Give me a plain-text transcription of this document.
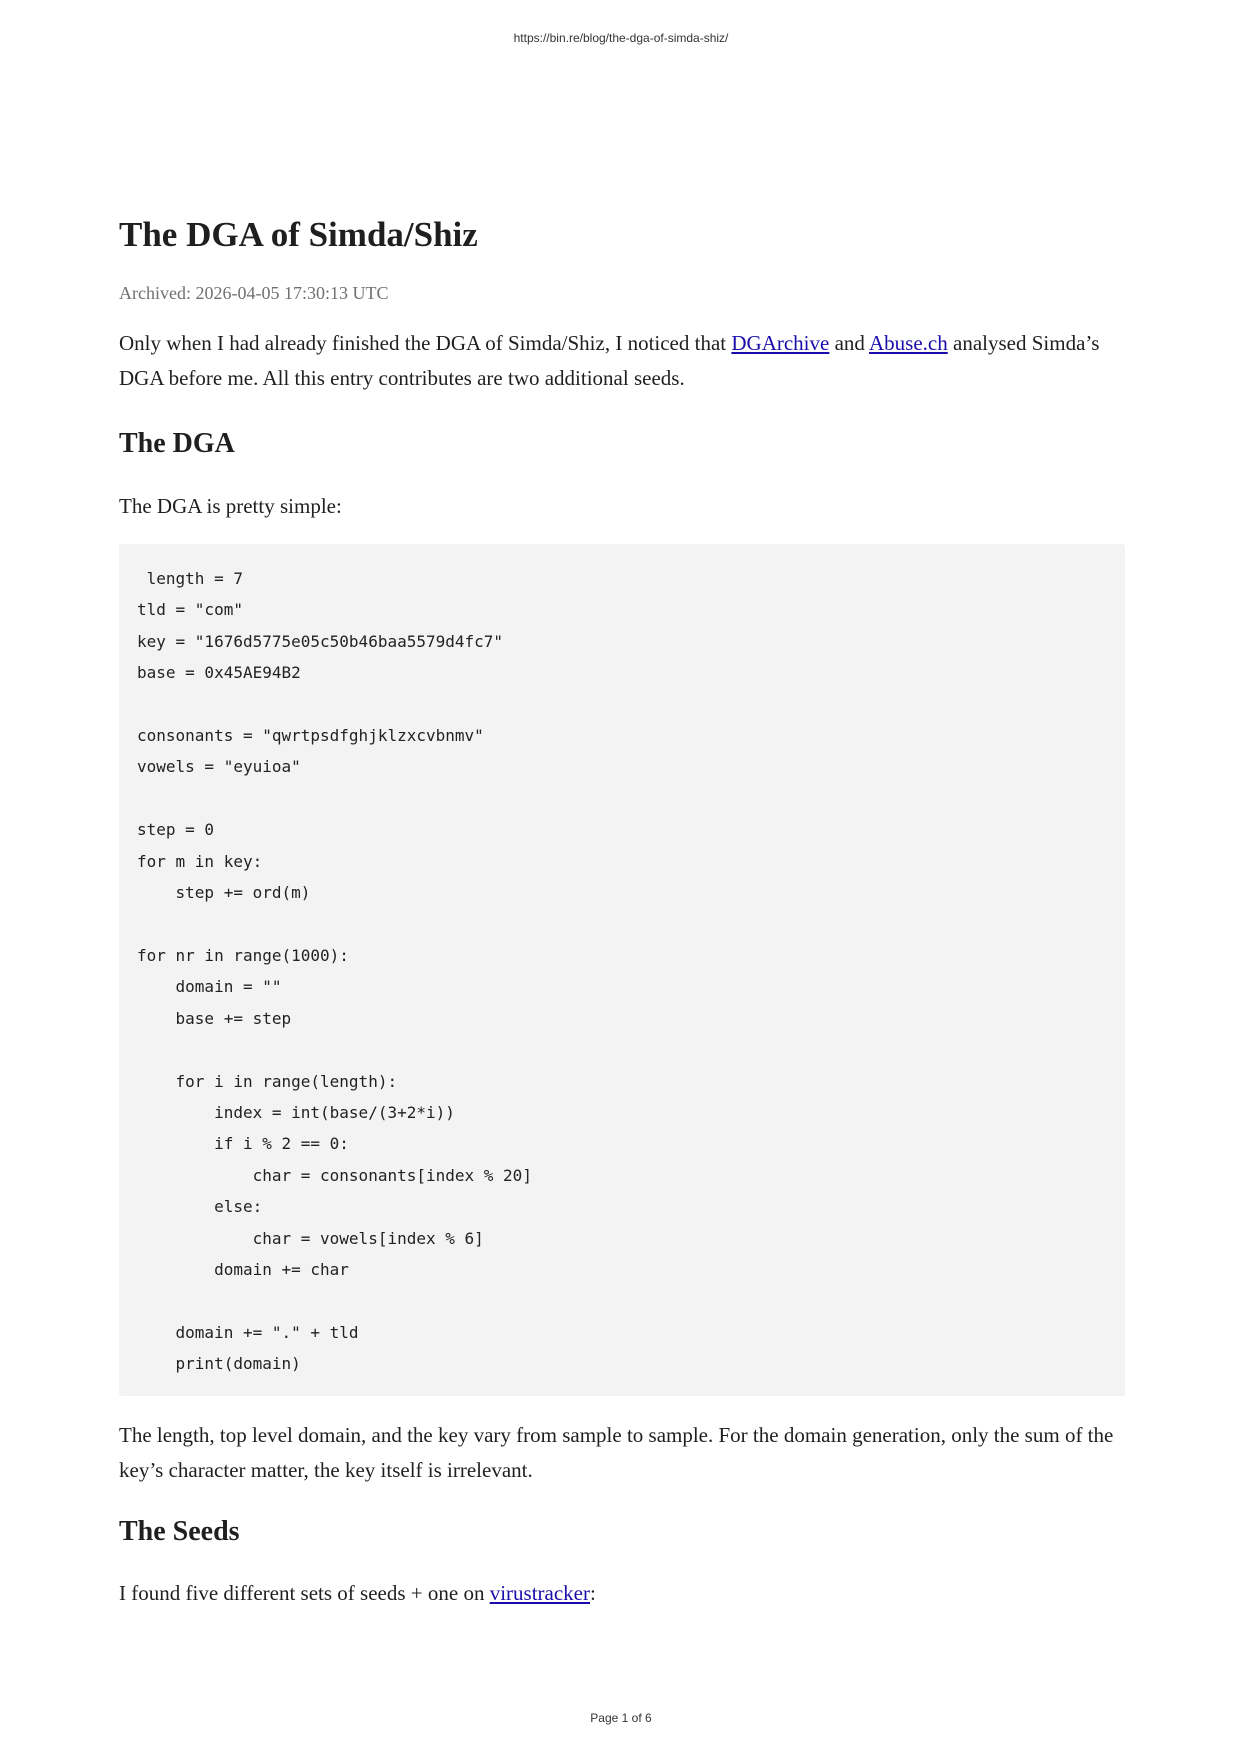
https://bin.re/blog/the-dga-of-simda-shiz/
The DGA of Simda/Shiz
Archived: 2026-04-05 17:30:13 UTC

Only when I had already finished the DGA of Simda/Shiz, I noticed that DGArchive and Abuse.ch analysed Simda’s DGA before me. All this entry contributes are two additional seeds.

The DGA

The DGA is pretty simple:

length = 7
tld = "com"
key = "1676d5775e05c50b46baa5579d4fc7"
base = 0x45AE94B2

consonants = "qwrtpsdfghjklzxcvbnmv"
vowels = "eyuioa"

step = 0
for m in key:
step += ord(m)

for nr in range(1000):
domain = ""
base += step

for i in range(length):
index = int(base/(3+2*i))
if i % 2 == 0:
char = consonants[index % 20]
else:
char = vowels[index % 6]
domain += char

domain += "." + tld
print(domain)

The length, top level domain, and the key vary from sample to sample. For the domain generation, only the sum of the key’s character matter, the key itself is irrelevant.

The Seeds

I found five different sets of seeds + one on virustracker:

Page 1 of 6
